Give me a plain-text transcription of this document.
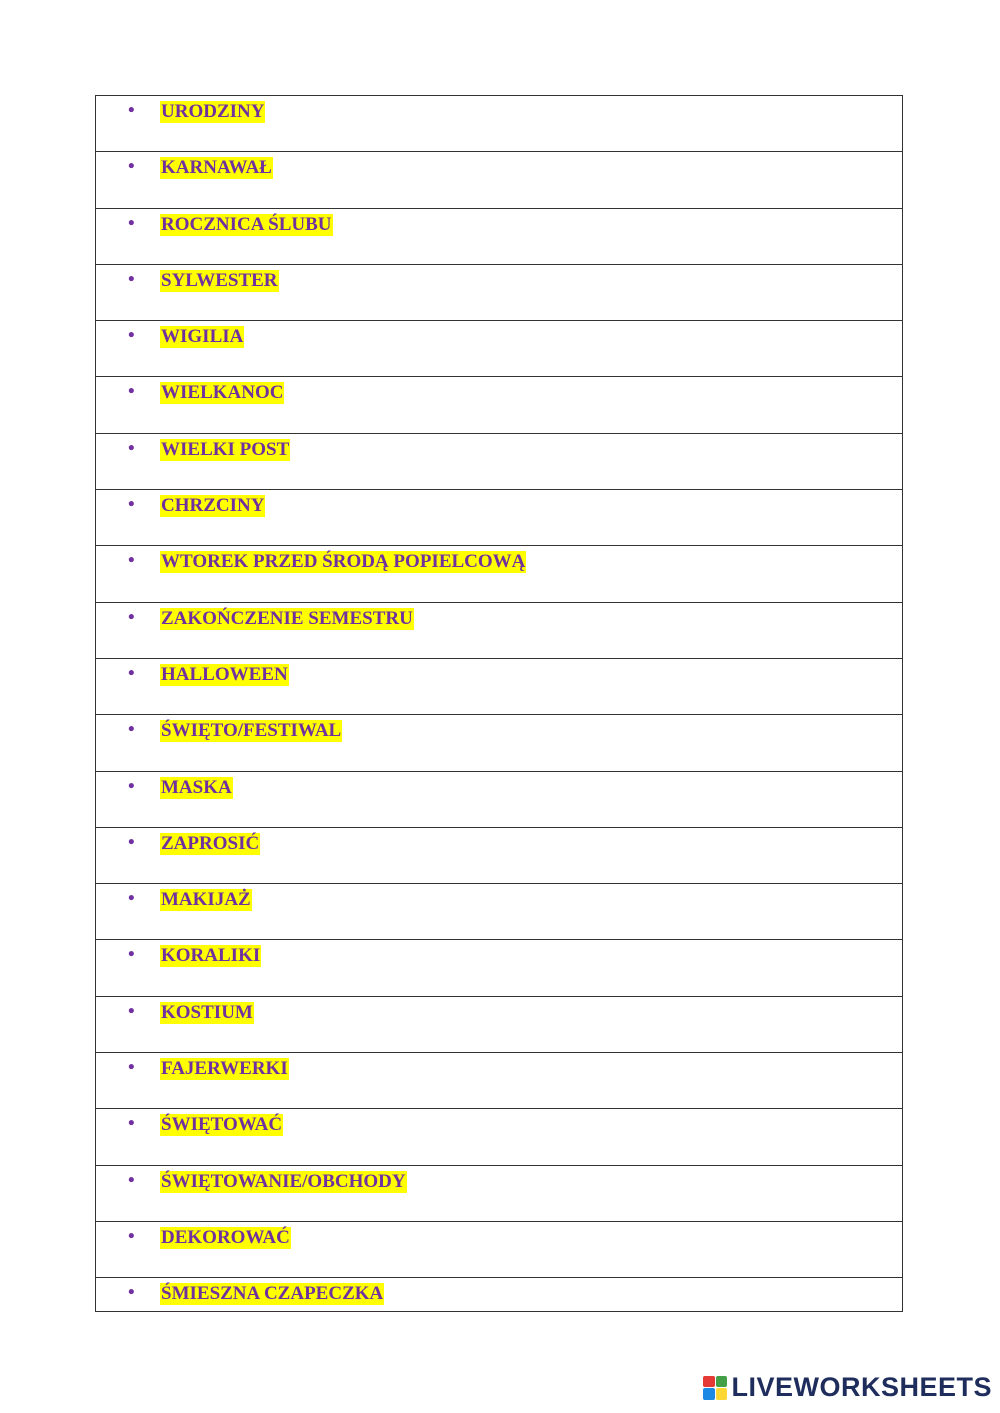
• URODZINY
• KARNAWAŁ
• ROCZNICA ŚLUBU
• SYLWESTER
• WIGILIA
• WIELKANOC
• WIELKI POST
• CHRZCINY
• WTOREK PRZED ŚRODĄ POPIELCOWĄ
• ZAKOŃCZENIE SEMESTRU
• HALLOWEEN
• ŚWIĘTO/FESTIWAL
• MASKA
• ZAPROSIĆ
• MAKIJAŻ
• KORALIKI
• KOSTIUM
• FAJERWERKI
• ŚWIĘTOWAĆ
• ŚWIĘTOWANIE/OBCHODY
• DEKOROWAĆ
• ŚMIESZNA CZAPECZKA
LIVEWORKSHEETS
